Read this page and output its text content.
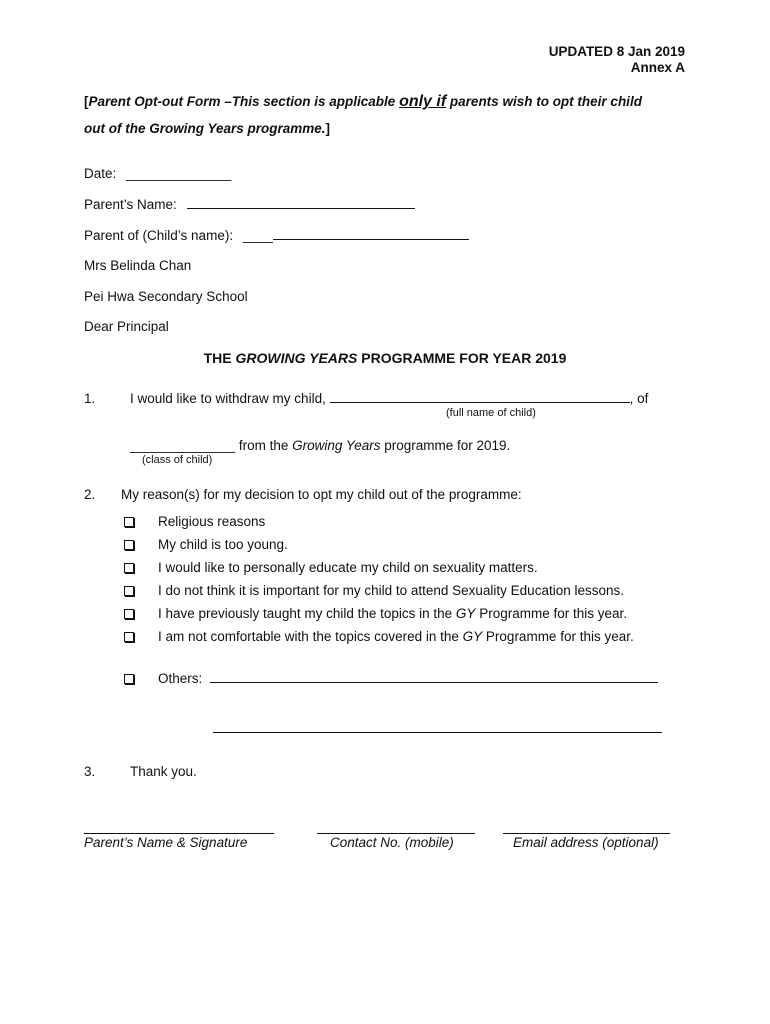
UPDATED 8 Jan 2019
Annex A
[Parent Opt-out Form –This section is applicable only if parents wish to opt their child
out of the Growing Years programme.]
Date: ______________
Parent’s Name:
Parent of (Child’s name): ____
Mrs Belinda Chan
Pei Hwa Secondary School
Dear Principal
THE GROWING YEARS PROGRAMME FOR YEAR 2019
1.	I would like to withdraw my child,	, of
(full name of child)
______________ from the Growing Years programme for 2019.
(class of child)
2. My reason(s) for my decision to opt my child out of the programme:
Religious reasons
My child is too young.
I would like to personally educate my child on sexuality matters.
I do not think it is important for my child to attend Sexuality Education lessons.
I have previously taught my child the topics in the GY Programme for this year.
I am not comfortable with the topics covered in the GY Programme for this year.
Others:
3.	Thank you.
Parent’s Name & Signature	Contact No. (mobile)	Email address (optional)
